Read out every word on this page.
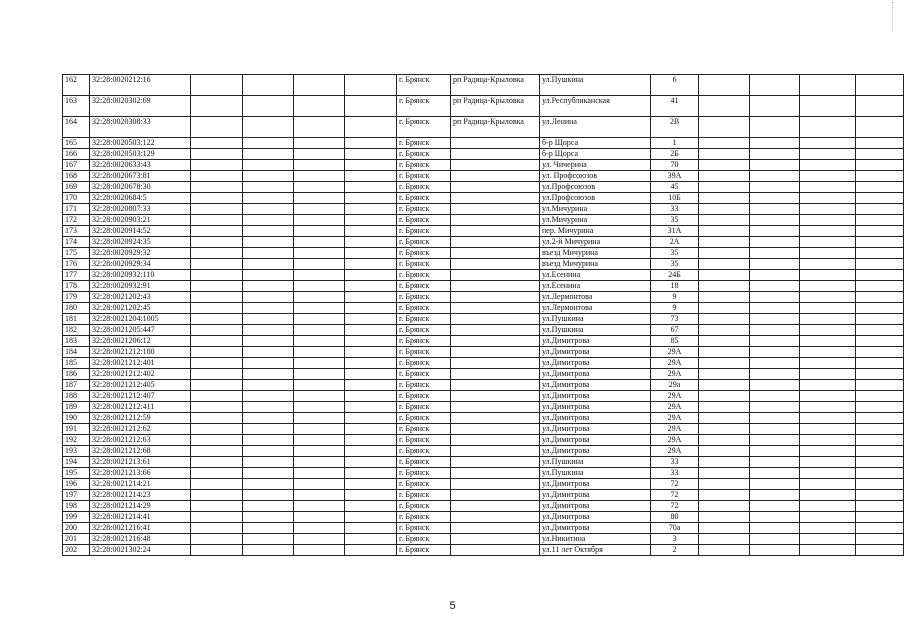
162	32:28:0020212:16					г. Брянск	рп Радица-Крыловка	ул.Пушкина	6				
163	32:28:0020302:69					г. Брянск	рп Радица-Крыловка	ул.Республиканская	41				
164	32:28:0020308:33					г. Брянск	рп Радица-Крыловка	ул.Ленина	2В				
165	32:28:0020503:122					г. Брянск		б-р Щорса	1				
166	32:28:0020503:129					г. Брянск		б-р Щорса	2Б				
167	32:28:0020633:43					г. Брянск		ул. Чичерина	70				
168	32:28:0020673:81					г. Брянск		ул. Профсоюзов	39А				
169	32:28:0020678:30					г. Брянск		ул.Профсоюзов	45				
170	32:28:0020684:5					г. Брянск		ул.Профсоюзов	10Б				
171	32:28:0020807:33					г. Брянск		ул.Мичурина	33				
172	32:28:0020903:21					г. Брянск		ул.Мичурина	35				
173	32:28:0020914:52					г. Брянск		пер. Мичурина	31А				
174	32:28:0020924:35					г. Брянск		ул.2-й Мичурина	2А				
175	32:28:0020929:32					г. Брянск		въезд Мичурина	35				
176	32:28:0020929:34					г. Брянск		въезд Мичурина	35				
177	32:28:0020932:110					г. Брянск		ул.Есенина	24Б				
178	32:28:0020932:91					г. Брянск		ул.Есенина	18				
179	32:28:0021202:43					г. Брянск		ул.Лермонтова	9				
180	32:28:0021202:45					г. Брянск		ул.Лермонтова	9				
181	32:28:0021204:1005					г. Брянск		ул.Пушкина	73				
182	32:28:0021205:447					г. Брянск		ул.Пушкина	67				
183	32:28:0021206:12					г. Брянск		ул.Димитрова	85				
184	32:28:0021212:180					г. Брянск		ул.Димитрова	29А				
185	32:28:0021212:401					г. Брянск		ул.Димитрова	29А				
186	32:28:0021212:402					г. Брянск		ул.Димитрова	29А				
187	32:28:0021212:405					г. Брянск		ул.Димитрова	29а				
188	32:28:0021212:407					г. Брянск		ул.Димитрова	29А				
189	32:28:0021212:411					г. Брянск		ул.Димитрова	29А				
190	32:28:0021212:59					г. Брянск		ул.Димитрова	29А				
191	32:28:0021212:62					г. Брянск		ул.Димитрова	29А				
192	32:28:0021212:63					г. Брянск		ул.Димитрова	29А				
193	32:28:0021212:68					г. Брянск		ул.Димитрова	29А				
194	32:28:0021213:61					г. Брянск		ул.Пушкина	33				
195	32:28:0021213:66					г. Брянск		ул.Пушкина	33				
196	32:28:0021214:21					г. Брянск		ул.Димитрова	72				
197	32:28:0021214:23					г. Брянск		ул.Димитрова	72				
198	32:28:0021214:29					г. Брянск		ул.Димитрова	72				
199	32:28:0021214:41					г. Брянск		ул.Димитрова	80				
200	32:28:0021216:41					г. Брянск		ул.Димитрова	70а				
201	32:28:0021216:48					г. Брянск		ул.Никитина	3				
202	32:28:0021302:24					г. Брянск		ул.11 лет Октября	2				
5
